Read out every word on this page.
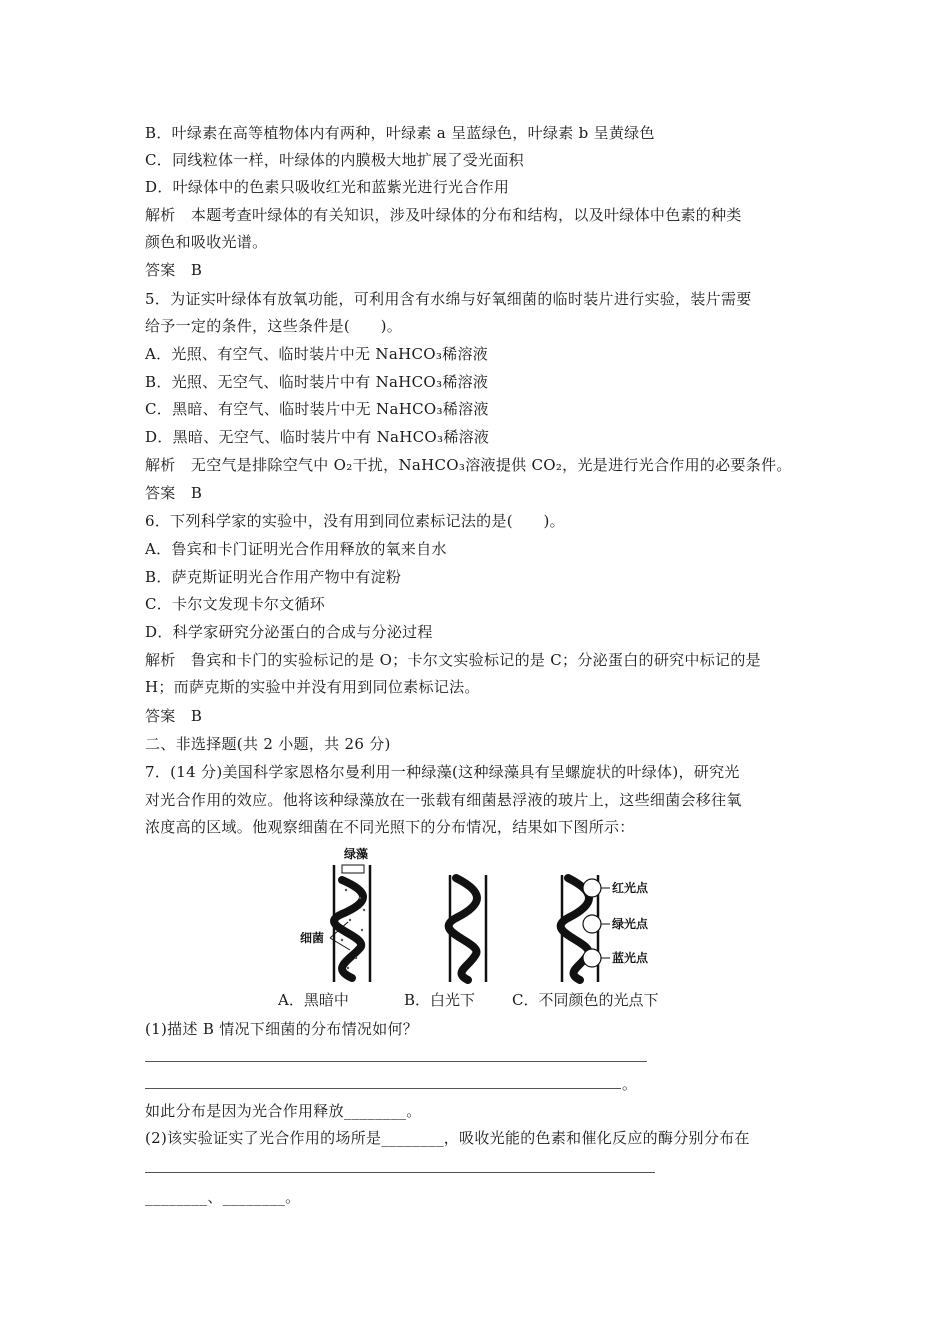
B．叶绿素在高等植物体内有两种，叶绿素 a 呈蓝绿色，叶绿素 b 呈黄绿色
C．同线粒体一样，叶绿体的内膜极大地扩展了受光面积
D．叶绿体中的色素只吸收红光和蓝紫光进行光合作用
解析　本题考查叶绿体的有关知识，涉及叶绿体的分布和结构，以及叶绿体中色素的种类
颜色和吸收光谱。
答案　B
5．为证实叶绿体有放氧功能，可利用含有水绵与好氧细菌的临时装片进行实验，装片需要
给予一定的条件，这些条件是(　　)。
A．光照、有空气、临时装片中无 NaHCO₃稀溶液
B．光照、无空气、临时装片中有 NaHCO₃稀溶液
C．黑暗、有空气、临时装片中无 NaHCO₃稀溶液
D．黑暗、无空气、临时装片中有 NaHCO₃稀溶液
解析　无空气是排除空气中 O₂干扰，NaHCO₃溶液提供 CO₂，光是进行光合作用的必要条件。
答案　B
6．下列科学家的实验中，没有用到同位素标记法的是(　　)。
A．鲁宾和卡门证明光合作用释放的氧来自水
B．萨克斯证明光合作用产物中有淀粉
C．卡尔文发现卡尔文循环
D．科学家研究分泌蛋白的合成与分泌过程
解析　鲁宾和卡门的实验标记的是 O；卡尔文实验标记的是 C；分泌蛋白的研究中标记的是
H；而萨克斯的实验中并没有用到同位素标记法。
答案　B
二、非选择题(共 2 小题，共 26 分)
7．(14 分)美国科学家恩格尔曼利用一种绿藻(这种绿藻具有呈螺旋状的叶绿体)，研究光
对光合作用的效应。他将该种绿藻放在一张载有细菌悬浮液的玻片上，这些细菌会移往氧
浓度高的区域。他观察细菌在不同光照下的分布情况，结果如下图所示：
绿藻
细菌
红光点
绿光点
蓝光点
A．黑暗中	B．白光下 C．不同颜色的光点下
(1)描述 B 情况下细菌的分布情况如何？
。
如此分布是因为光合作用释放________。
(2)该实验证实了光合作用的场所是________，吸收光能的色素和催化反应的酶分别分布在
________、________。
